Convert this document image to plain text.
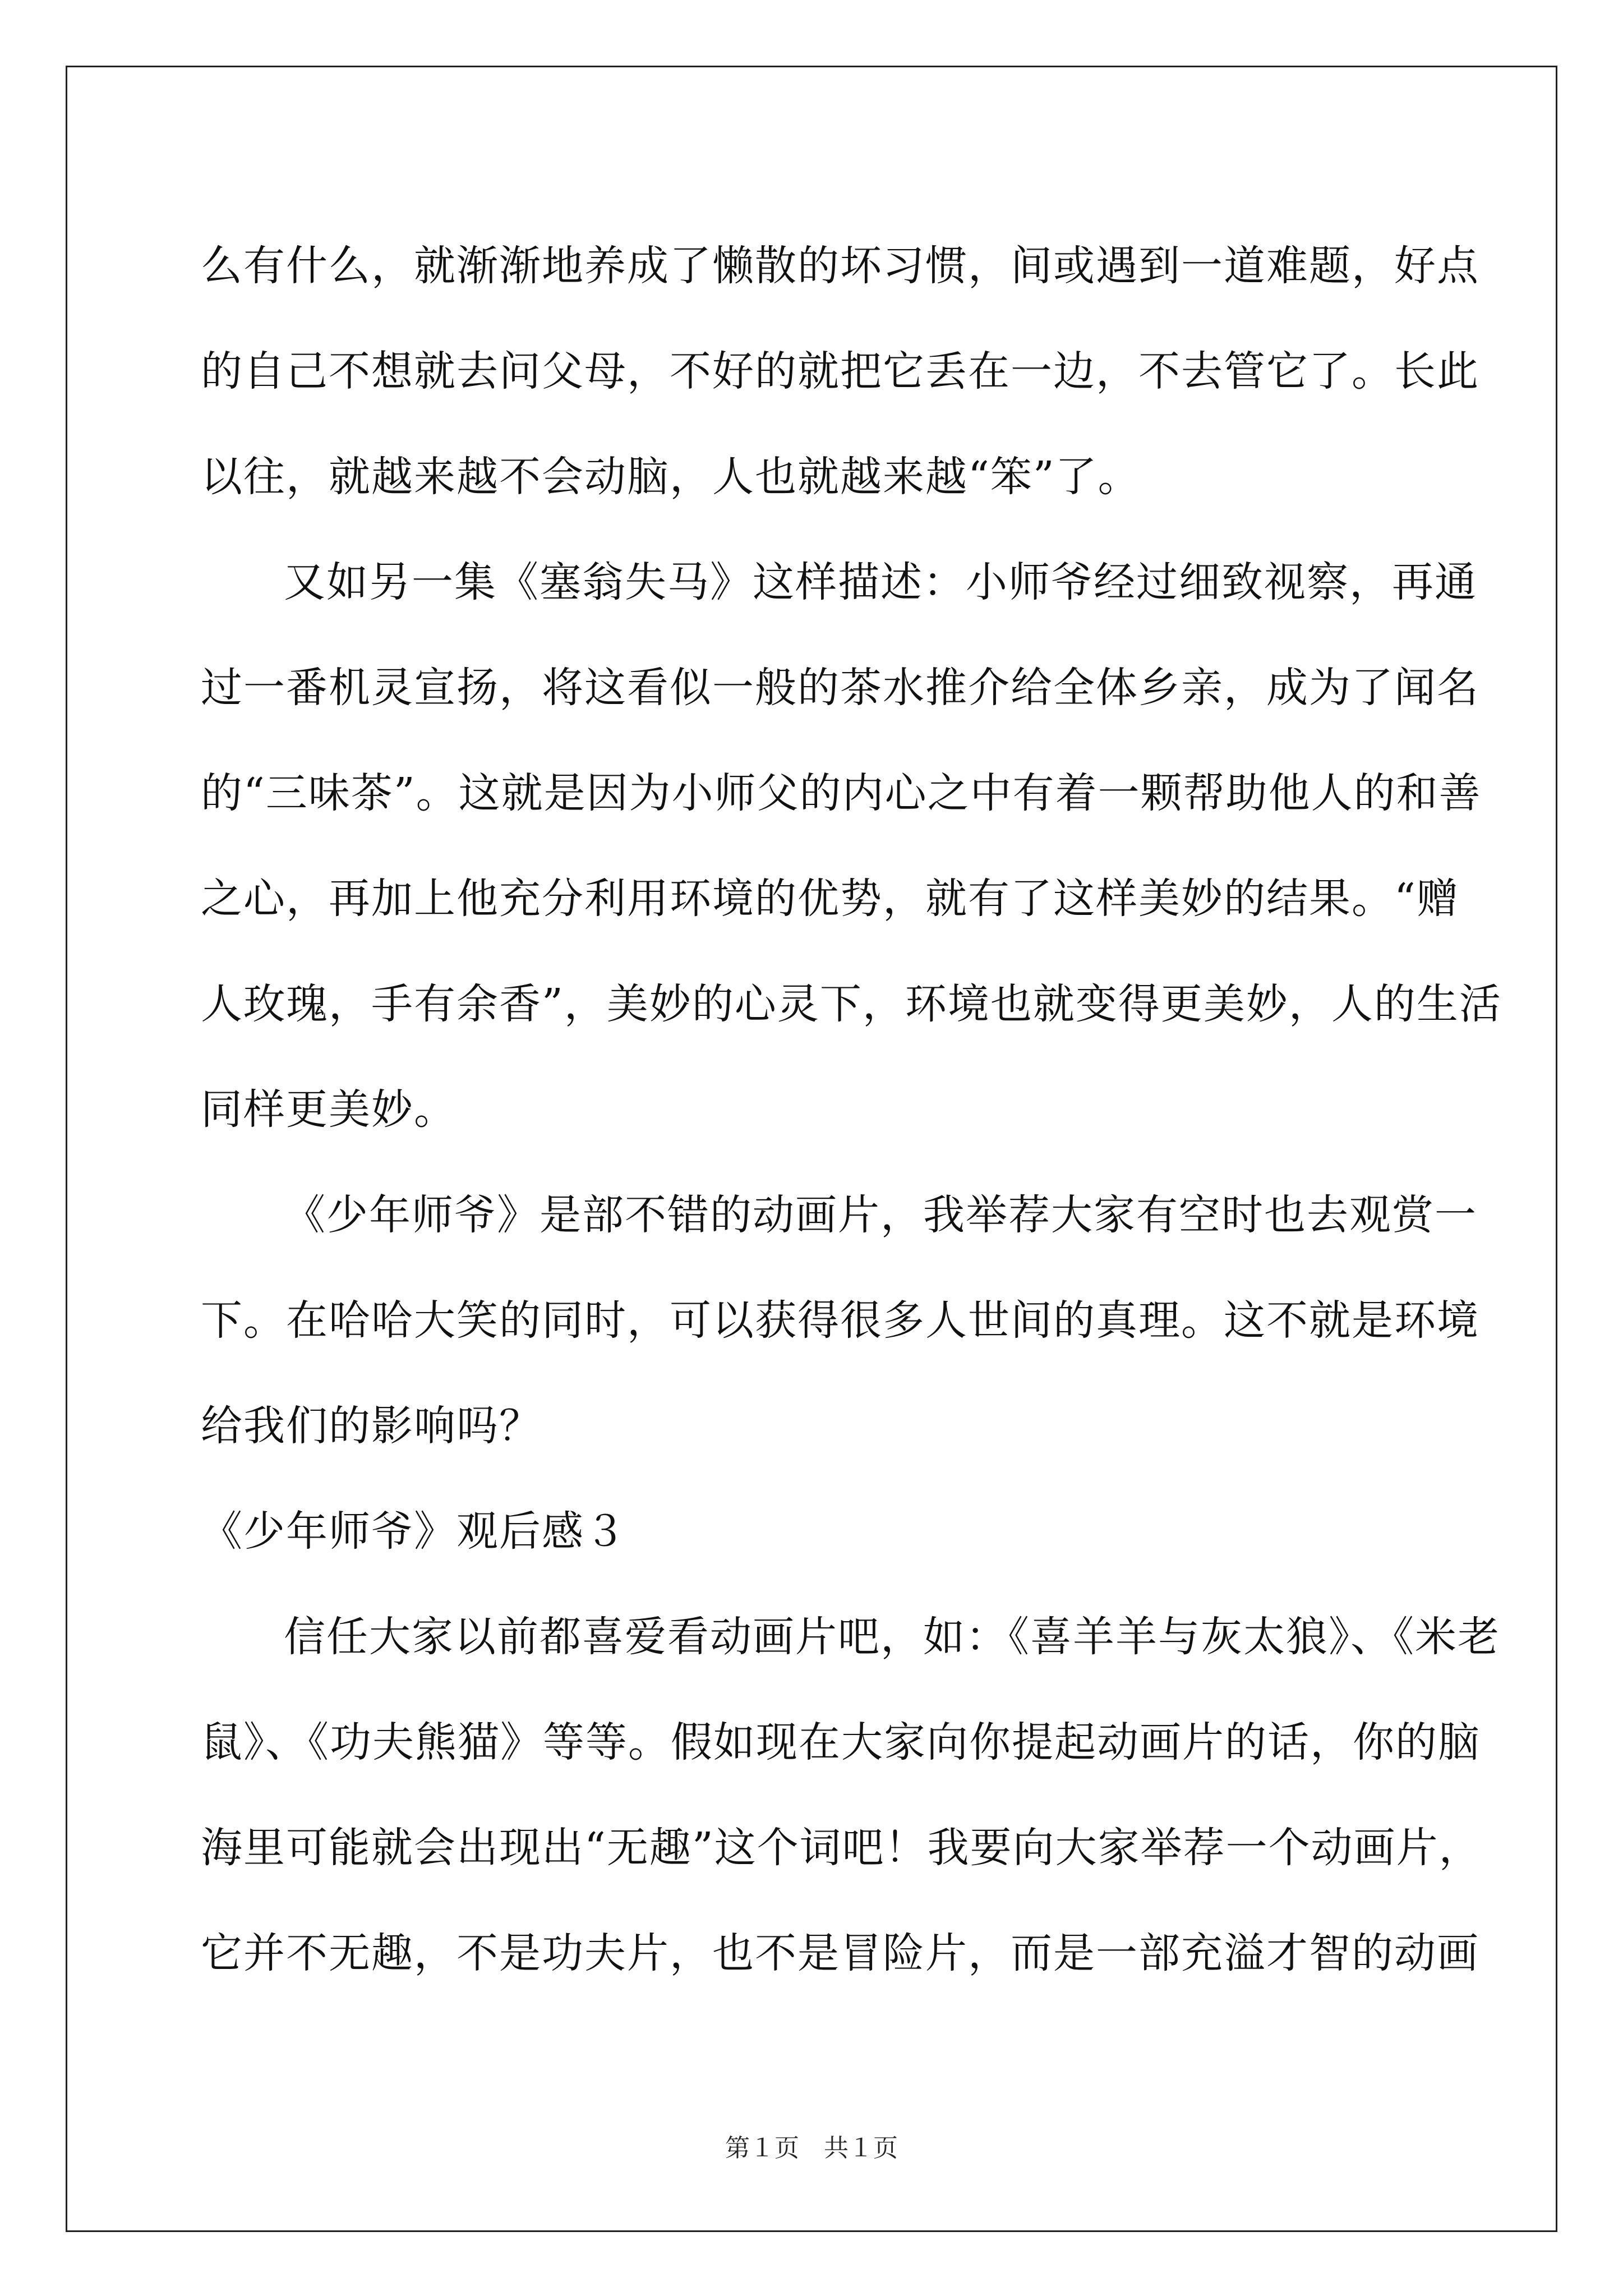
么有什么，就渐渐地养成了懒散的坏习惯，间或遇到一道难题，好点
的自己不想就去问父母，不好的就把它丢在一边，不去管它了。长此
以往，就越来越不会动脑，人也就越来越“笨”了。
又如另一集《塞翁失马》这样描述：小师爷经过细致视察，再通
过一番机灵宣扬，将这看似一般的茶水推介给全体乡亲，成为了闻名
的“三味茶”。这就是因为小师父的内心之中有着一颗帮助他人的和善
之心，再加上他充分利用环境的优势，就有了这样美妙的结果。“赠
人玫瑰，手有余香”，美妙的心灵下，环境也就变得更美妙，人的生活
同样更美妙。
《少年师爷》是部不错的动画片，我举荐大家有空时也去观赏一
下。在哈哈大笑的同时，可以获得很多人世间的真理。这不就是环境
给我们的影响吗？
《少年师爷》观后感３
信任大家以前都喜爱看动画片吧，如：《喜羊羊与灰太狼》、《米老
鼠》、《功夫熊猫》等等。假如现在大家向你提起动画片的话，你的脑
海里可能就会出现出“无趣”这个词吧！我要向大家举荐一个动画片，
它并不无趣，不是功夫片，也不是冒险片，而是一部充溢才智的动画
第１页　共１页
